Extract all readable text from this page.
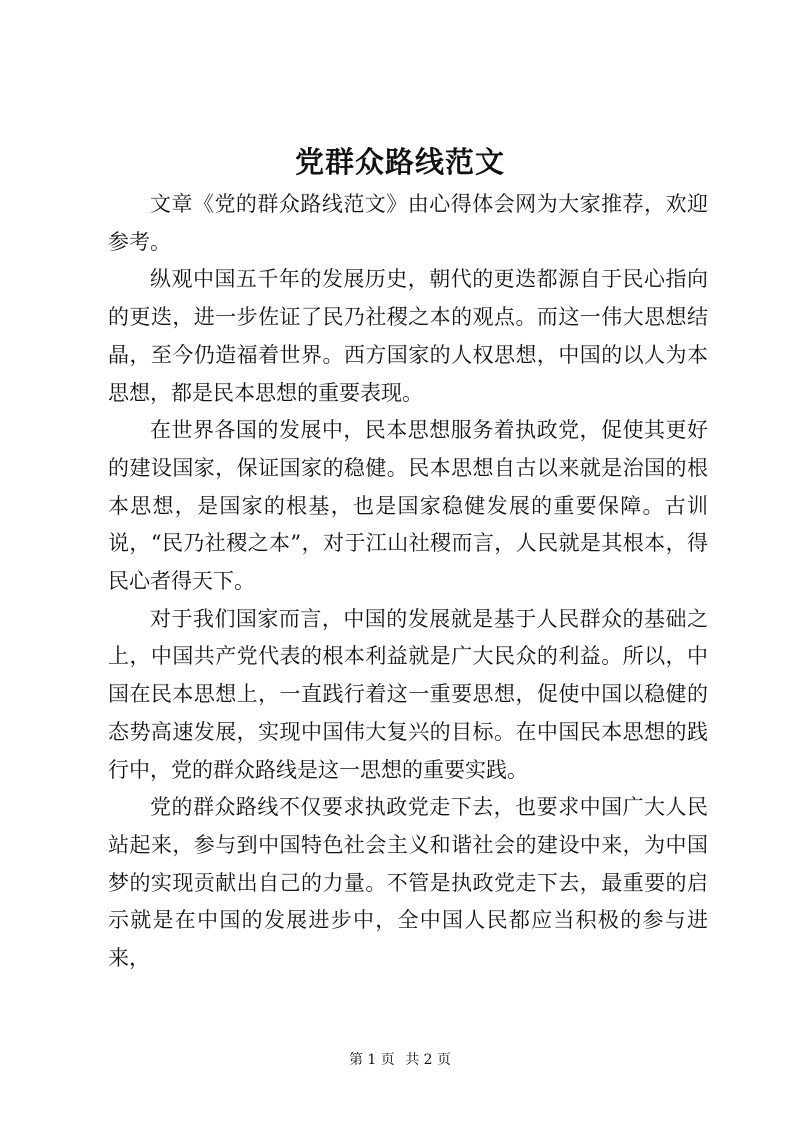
党群众路线范文

文章《党的群众路线范文》由心得体会网为大家推荐，欢迎参考。

纵观中国五千年的发展历史，朝代的更迭都源自于民心指向的更迭，进一步佐证了民乃社稷之本的观点。而这一伟大思想结晶，至今仍造福着世界。西方国家的人权思想，中国的以人为本思想，都是民本思想的重要表现。

在世界各国的发展中，民本思想服务着执政党，促使其更好的建设国家，保证国家的稳健。民本思想自古以来就是治国的根本思想，是国家的根基，也是国家稳健发展的重要保障。古训说，“民乃社稷之本”，对于江山社稷而言，人民就是其根本，得民心者得天下。

对于我们国家而言，中国的发展就是基于人民群众的基础之上，中国共产党代表的根本利益就是广大民众的利益。所以，中国在民本思想上，一直践行着这一重要思想，促使中国以稳健的态势高速发展，实现中国伟大复兴的目标。在中国民本思想的践行中，党的群众路线是这一思想的重要实践。

党的群众路线不仅要求执政党走下去，也要求中国广大人民站起来，参与到中国特色社会主义和谐社会的建设中来，为中国梦的实现贡献出自己的力量。不管是执政党走下去，最重要的启示就是在中国的发展进步中，全中国人民都应当积极的参与进来，

第 1 页 共 2 页
